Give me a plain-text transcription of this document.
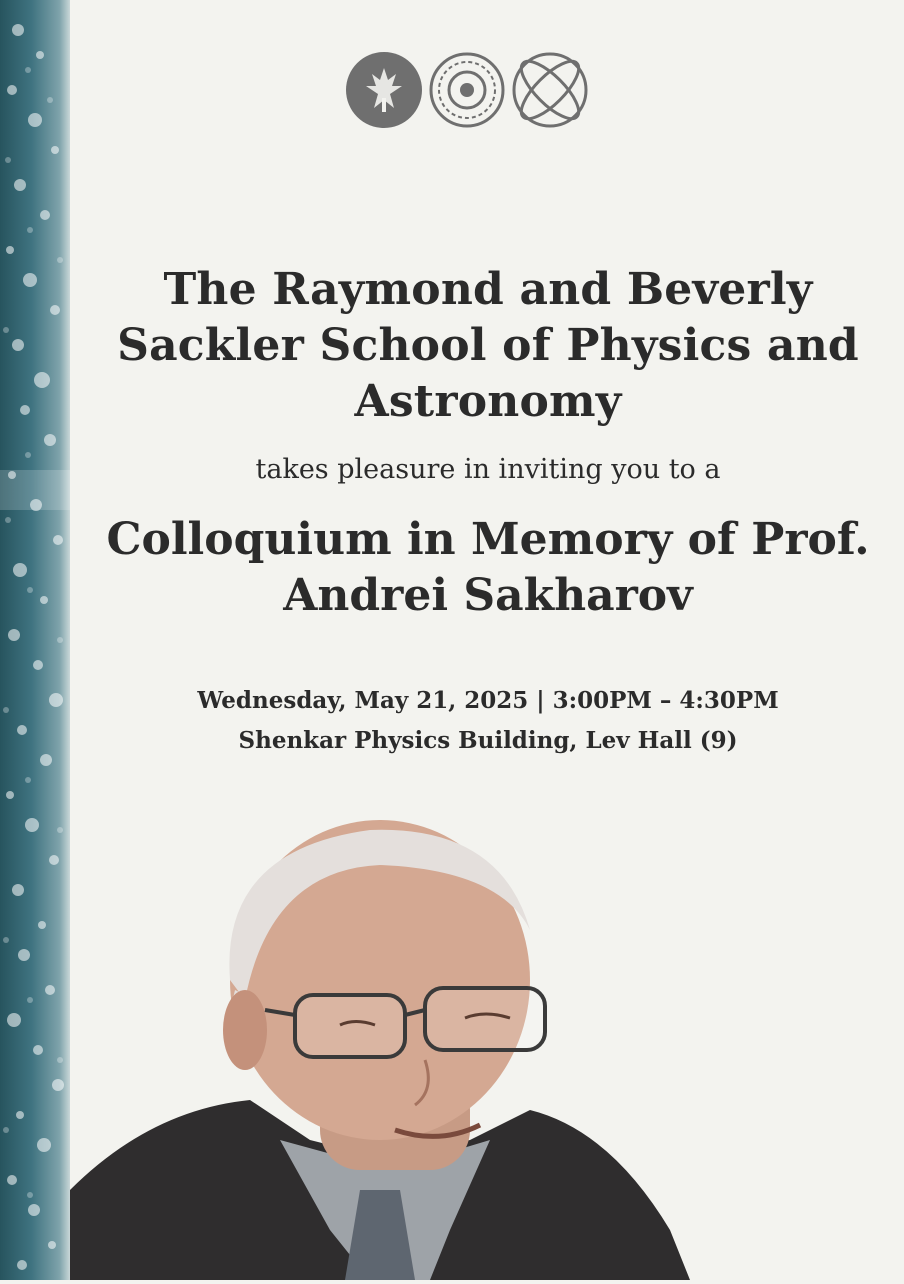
The Raymond and Beverly Sackler School of Physics and Astronomy

takes pleasure in inviting you to a

Colloquium in Memory of Prof. Andrei Sakharov

Wednesday, May 21, 2025 | 3:00PM – 4:30PM

Shenkar Physics Building, Lev Hall (9)
